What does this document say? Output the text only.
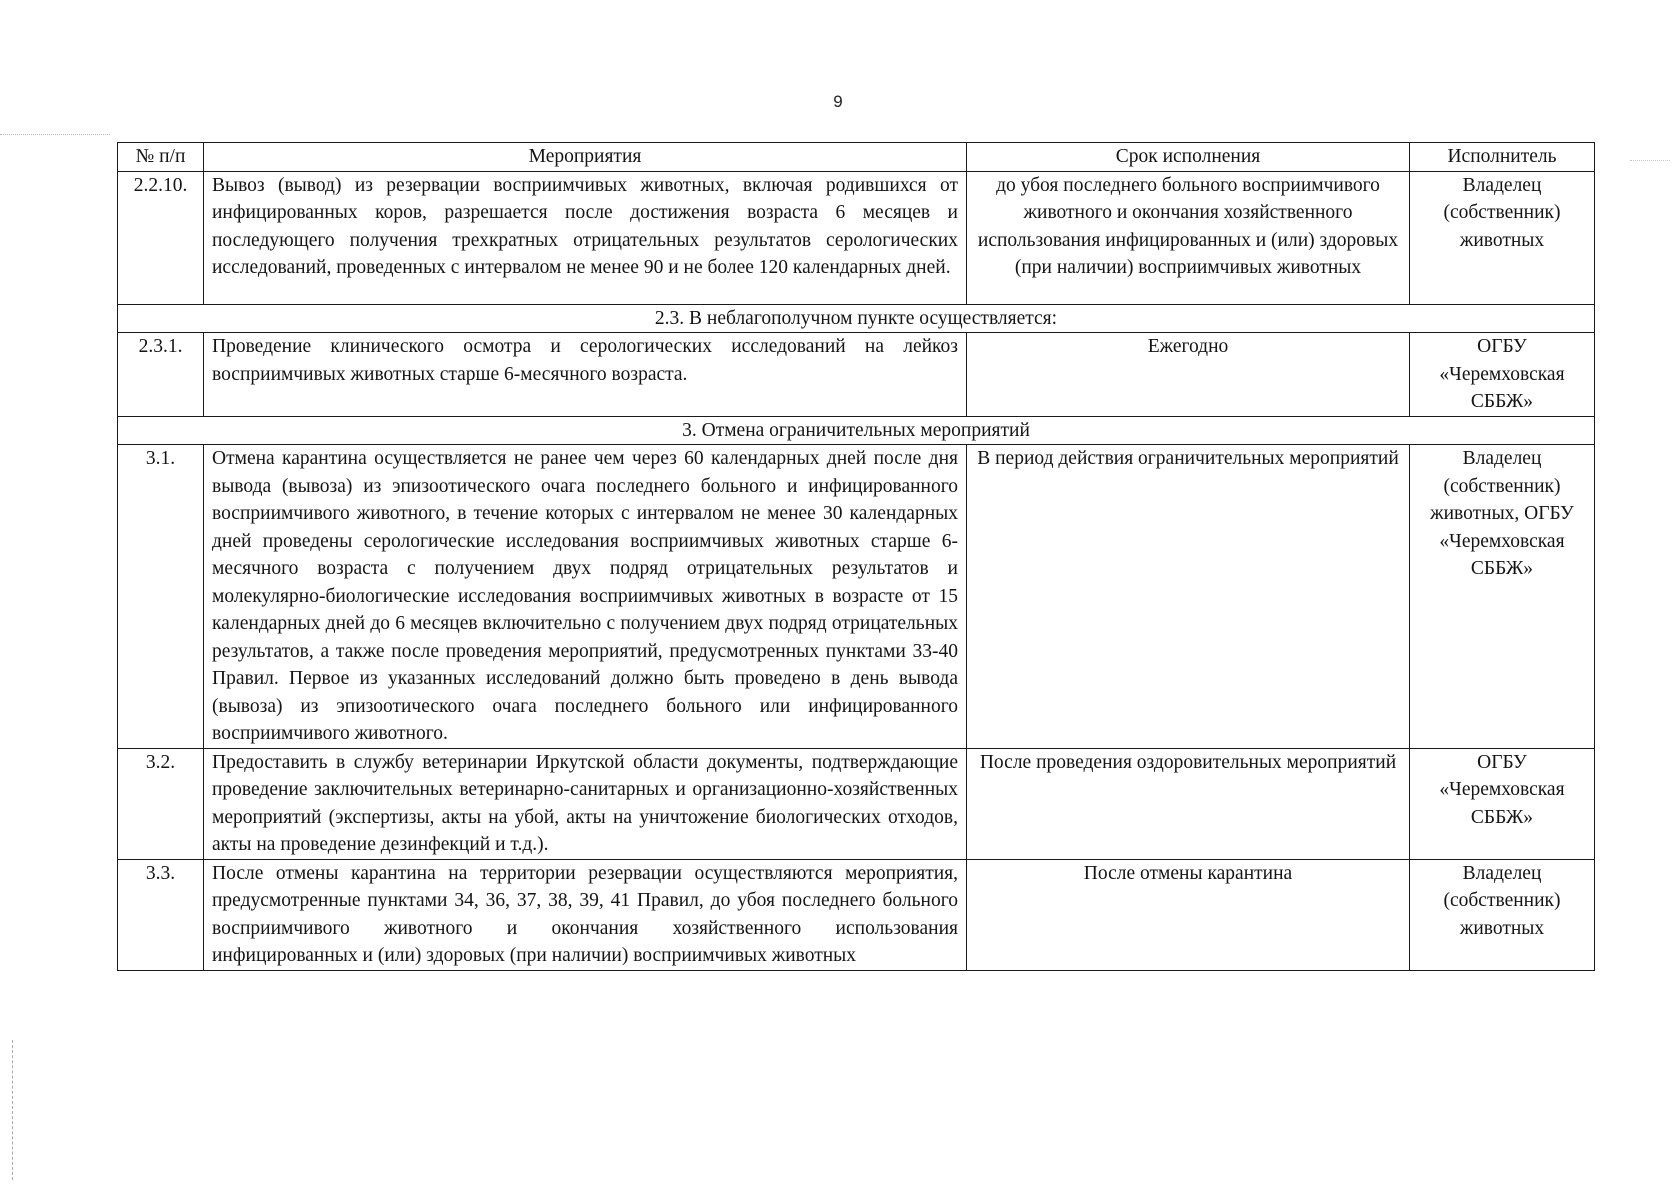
9
№ п/п	Мероприятия	Срок исполнения	Исполнитель
2.2.10.	Вывоз (вывод) из резервации восприимчивых животных, включая родившихся от инфицированных коров, разрешается после достижения возраста 6 месяцев и последующего получения трехкратных отрицательных результатов серологических исследований, проведенных с интервалом не менее 90 и не более 120 календарных дней.	до убоя последнего больного восприимчивого животного и окончания хозяйственного использования инфицированных и (или) здоровых (при наличии) восприимчивых животных	Владелец (собственник) животных
2.3. В неблагополучном пункте осуществляется:			
2.3.1.	Проведение клинического осмотра и серологических исследований на лейкоз восприимчивых животных старше 6-месячного возраста.	Ежегодно	ОГБУ «Черемховская СББЖ»
3. Отмена ограничительных мероприятий			
3.1.	Отмена карантина осуществляется не ранее чем через 60 календарных дней после дня вывода (вывоза) из эпизоотического очага последнего больного и инфицированного восприимчивого животного, в течение которых с интервалом не менее 30 календарных дней проведены серологические исследования восприимчивых животных старше 6-месячного возраста с получением двух подряд отрицательных результатов и молекулярно-биологические исследования восприимчивых животных в возрасте от 15 календарных дней до 6 месяцев включительно с получением двух подряд отрицательных результатов, а также после проведения мероприятий, предусмотренных пунктами 33-40 Правил. Первое из указанных исследований должно быть проведено в день вывода (вывоза) из эпизоотического очага последнего больного или инфицированного восприимчивого животного.	В период действия ограничительных мероприятий	Владелец (собственник) животных, ОГБУ «Черемховская СББЖ»
3.2.	Предоставить в службу ветеринарии Иркутской области документы, подтверждающие проведение заключительных ветеринарно-санитарных и организационно-хозяйственных мероприятий (экспертизы, акты на убой, акты на уничтожение биологических отходов, акты на проведение дезинфекций и т.д.).	После проведения оздоровительных мероприятий	ОГБУ «Черемховская СББЖ»
3.3.	После отмены карантина на территории резервации осуществляются мероприятия, предусмотренные пунктами 34, 36, 37, 38, 39, 41 Правил, до убоя последнего больного восприимчивого животного и окончания хозяйственного использования инфицированных и (или) здоровых (при наличии) восприимчивых животных	После отмены карантина	Владелец (собственник) животных
